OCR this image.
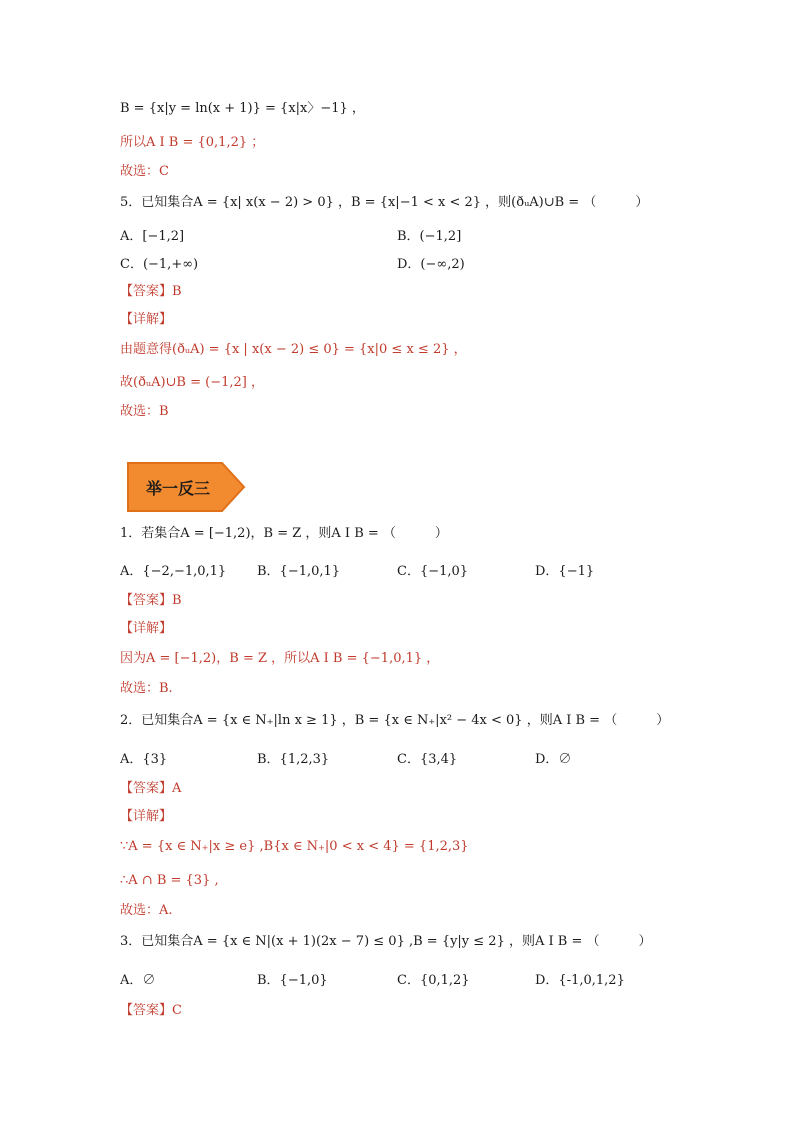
B = {x|y = ln(x + 1)} = {x|x〉−1} ，
所以A I B = {0,1,2} ；
故选：C
5．已知集合A = {x| x(x − 2) > 0} ，B = {x|−1 < x < 2} ，则(ðᵤA)∪B = （　　　）
A．[−1,2]	B．(−1,2]
C．(−1,+∞)	D．(−∞,2)
【答案】B
【详解】
由题意得(ðᵤA) = {x | x(x − 2) ≤ 0} = {x|0 ≤ x ≤ 2} ，
故(ðᵤA)∪B = (−1,2] ，
故选：B
举一反三
1．若集合A = [−1,2)，B = Z ，则A I B = （　　　）
A．{−2,−1,0,1} B．{−1,0,1}	C．{−1,0}	D．{−1}
【答案】B
【详解】
因为A = [−1,2)，B = Z ，所以A I B = {−1,0,1} ，
故选：B.
2．已知集合A = {x ∈ N₊|ln x ≥ 1} ，B = {x ∈ N₊|x² − 4x < 0} ，则A I B = （　　　）
A．{3}	B．{1,2,3}	C．{3,4}	D．∅
【答案】A
【详解】
∵A = {x ∈ N₊|x ≥ e} ,B{x ∈ N₊|0 < x < 4} = {1,2,3}
∴A ∩ B = {3} ,
故选：A.
3．已知集合A = {x ∈ N|(x + 1)(2x − 7) ≤ 0} ,B = {y|y ≤ 2} ，则A I B = （　　　）
A．∅	B．{−1,0}	C．{0,1,2}	D．{-1,0,1,2}
【答案】C
